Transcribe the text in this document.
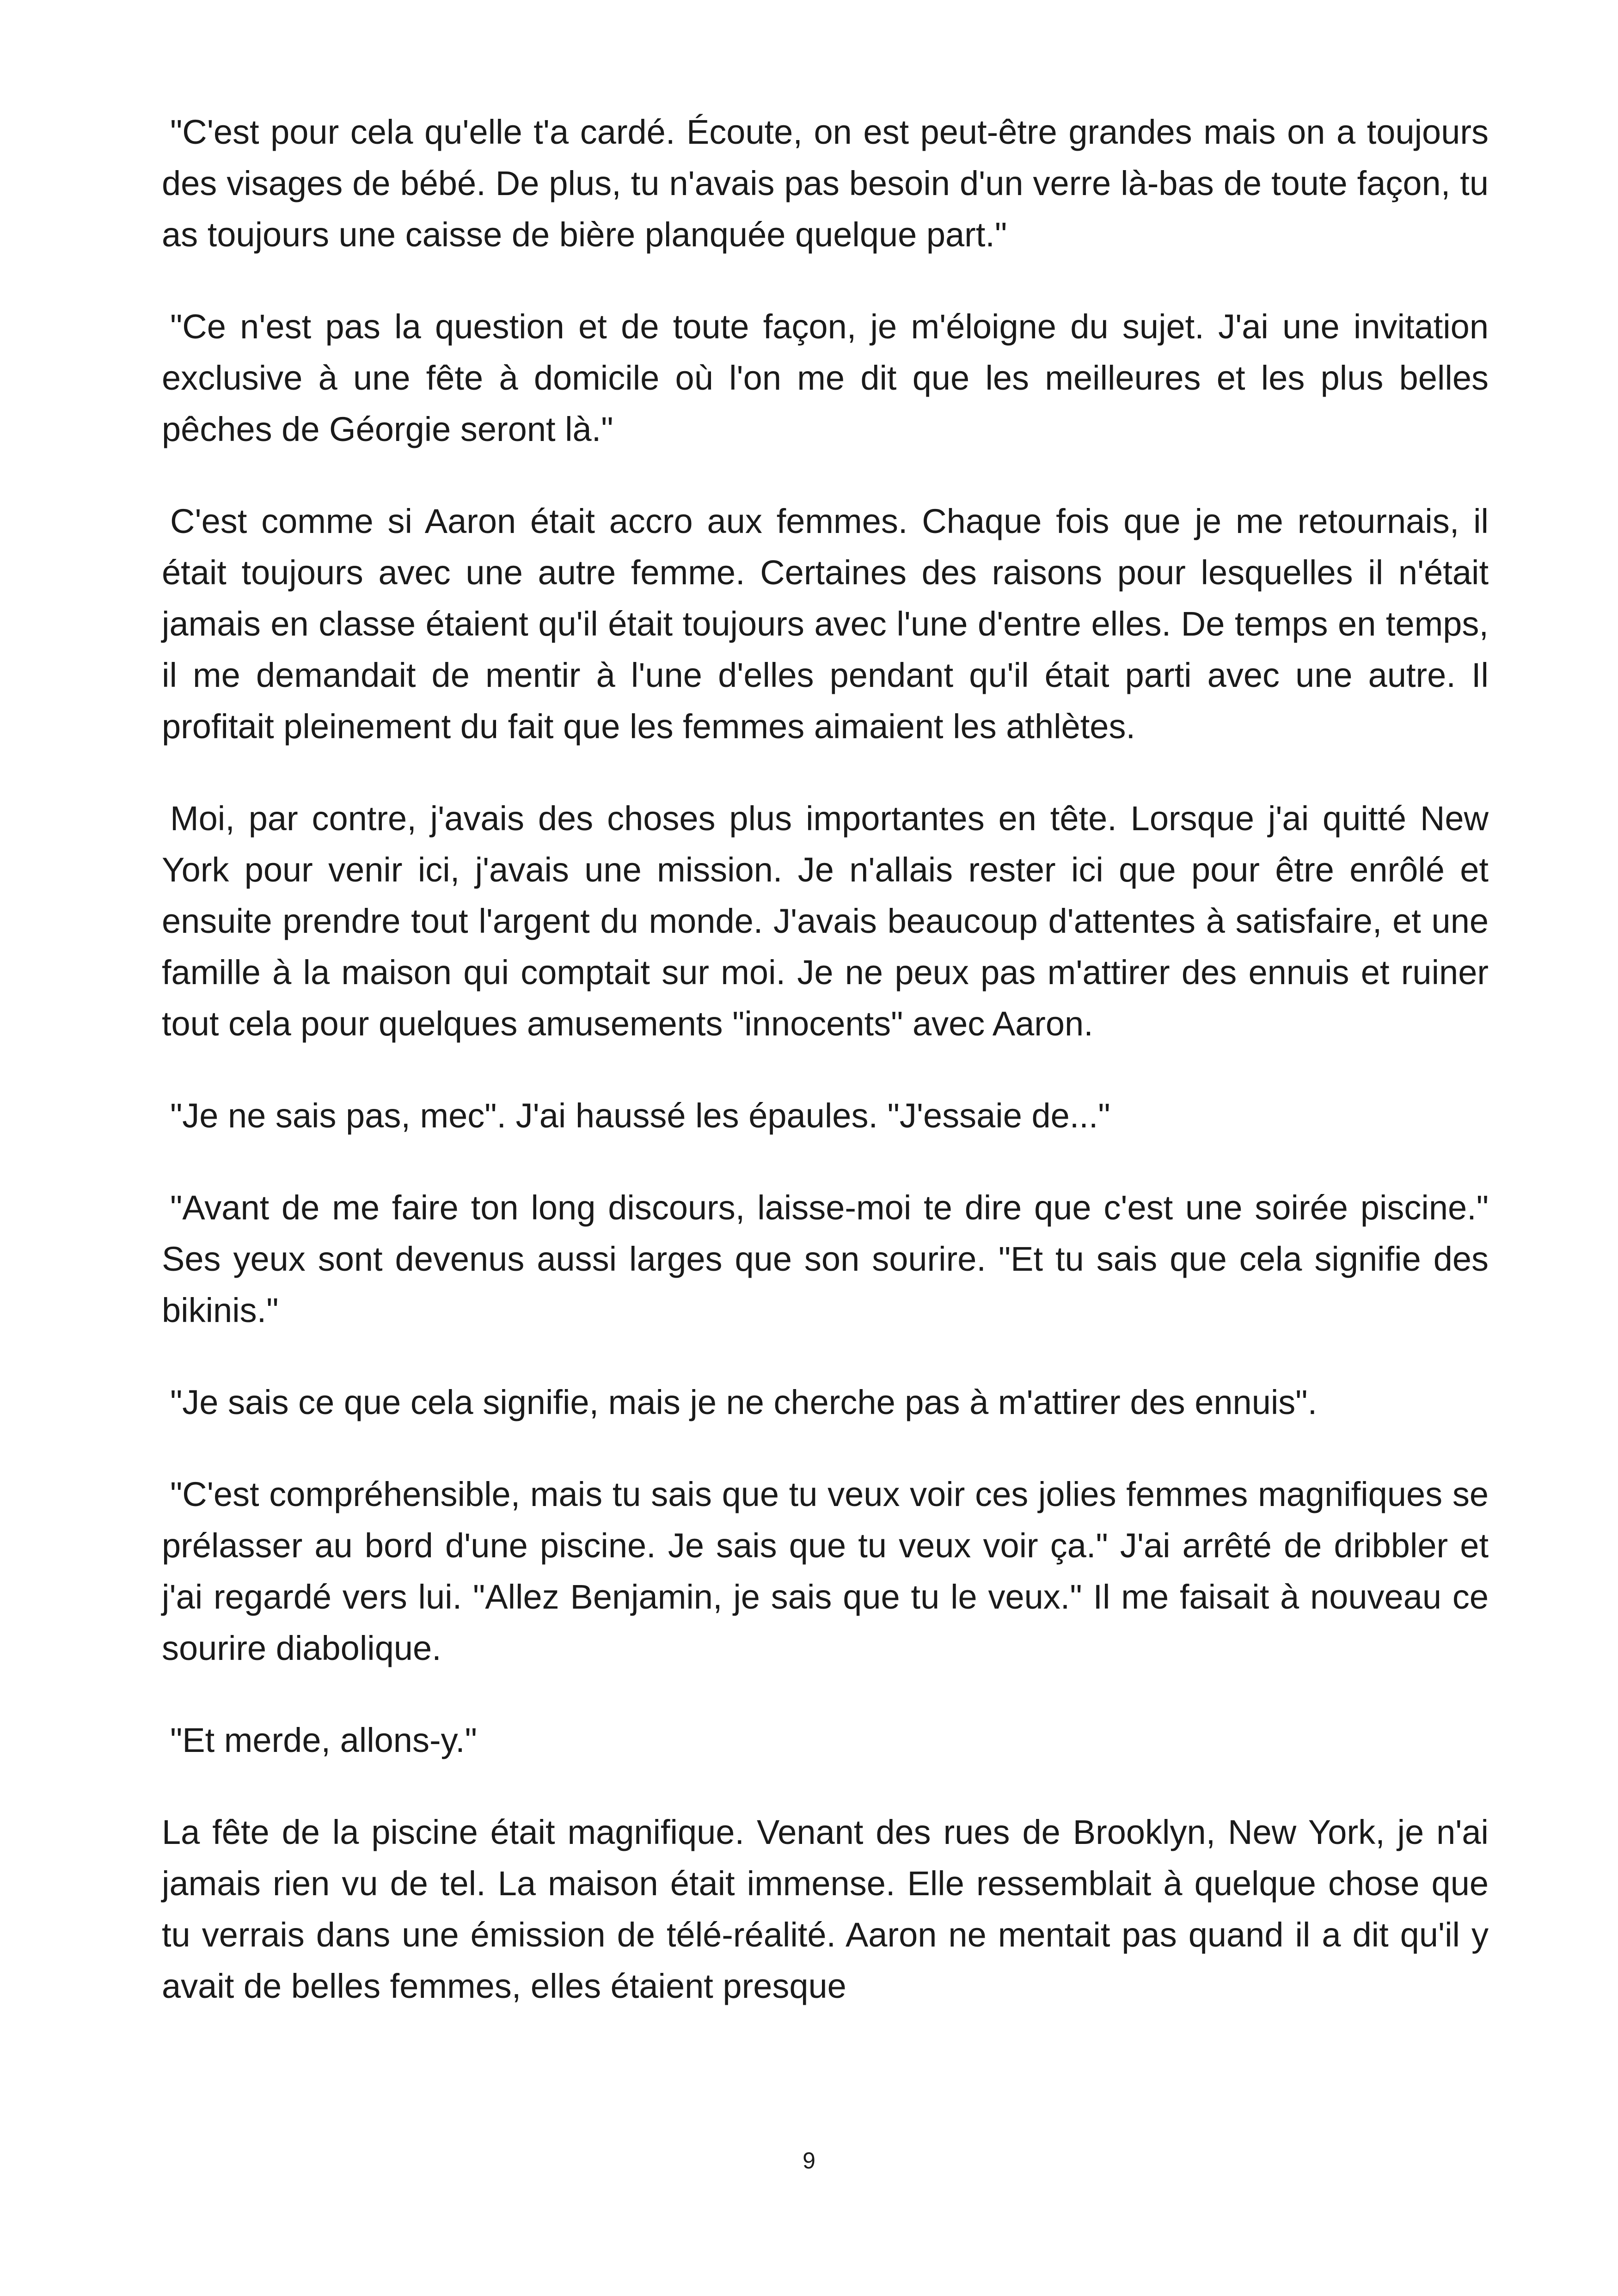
"C'est pour cela qu'elle t'a cardé. Écoute, on est peut-être grandes mais on a toujours des visages de bébé. De plus, tu n'avais pas besoin d'un verre là-bas de toute façon, tu as toujours une caisse de bière planquée quelque part."

"Ce n'est pas la question et de toute façon, je m'éloigne du sujet. J'ai une invitation exclusive à une fête à domicile où l'on me dit que les meilleures et les plus belles pêches de Géorgie seront là."

C'est comme si Aaron était accro aux femmes. Chaque fois que je me retournais, il était toujours avec une autre femme. Certaines des raisons pour lesquelles il n'était jamais en classe étaient qu'il était toujours avec l'une d'entre elles. De temps en temps, il me demandait de mentir à l'une d'elles pendant qu'il était parti avec une autre. Il profitait pleinement du fait que les femmes aimaient les athlètes.

Moi, par contre, j'avais des choses plus importantes en tête. Lorsque j'ai quitté New York pour venir ici, j'avais une mission. Je n'allais rester ici que pour être enrôlé et ensuite prendre tout l'argent du monde. J'avais beaucoup d'attentes à satisfaire, et une famille à la maison qui comptait sur moi. Je ne peux pas m'attirer des ennuis et ruiner tout cela pour quelques amusements "innocents" avec Aaron.

"Je ne sais pas, mec". J'ai haussé les épaules. "J'essaie de..."

"Avant de me faire ton long discours, laisse-moi te dire que c'est une soirée piscine." Ses yeux sont devenus aussi larges que son sourire. "Et tu sais que cela signifie des bikinis."

"Je sais ce que cela signifie, mais je ne cherche pas à m'attirer des ennuis".

"C'est compréhensible, mais tu sais que tu veux voir ces jolies femmes magnifiques se prélasser au bord d'une piscine. Je sais que tu veux voir ça." J'ai arrêté de dribbler et j'ai regardé vers lui. "Allez Benjamin, je sais que tu le veux." Il me faisait à nouveau ce sourire diabolique.

"Et merde, allons-y."

La fête de la piscine était magnifique. Venant des rues de Brooklyn, New York, je n'ai jamais rien vu de tel. La maison était immense. Elle ressemblait à quelque chose que tu verrais dans une émission de télé-réalité. Aaron ne mentait pas quand il a dit qu'il y avait de belles femmes, elles étaient presque

9
